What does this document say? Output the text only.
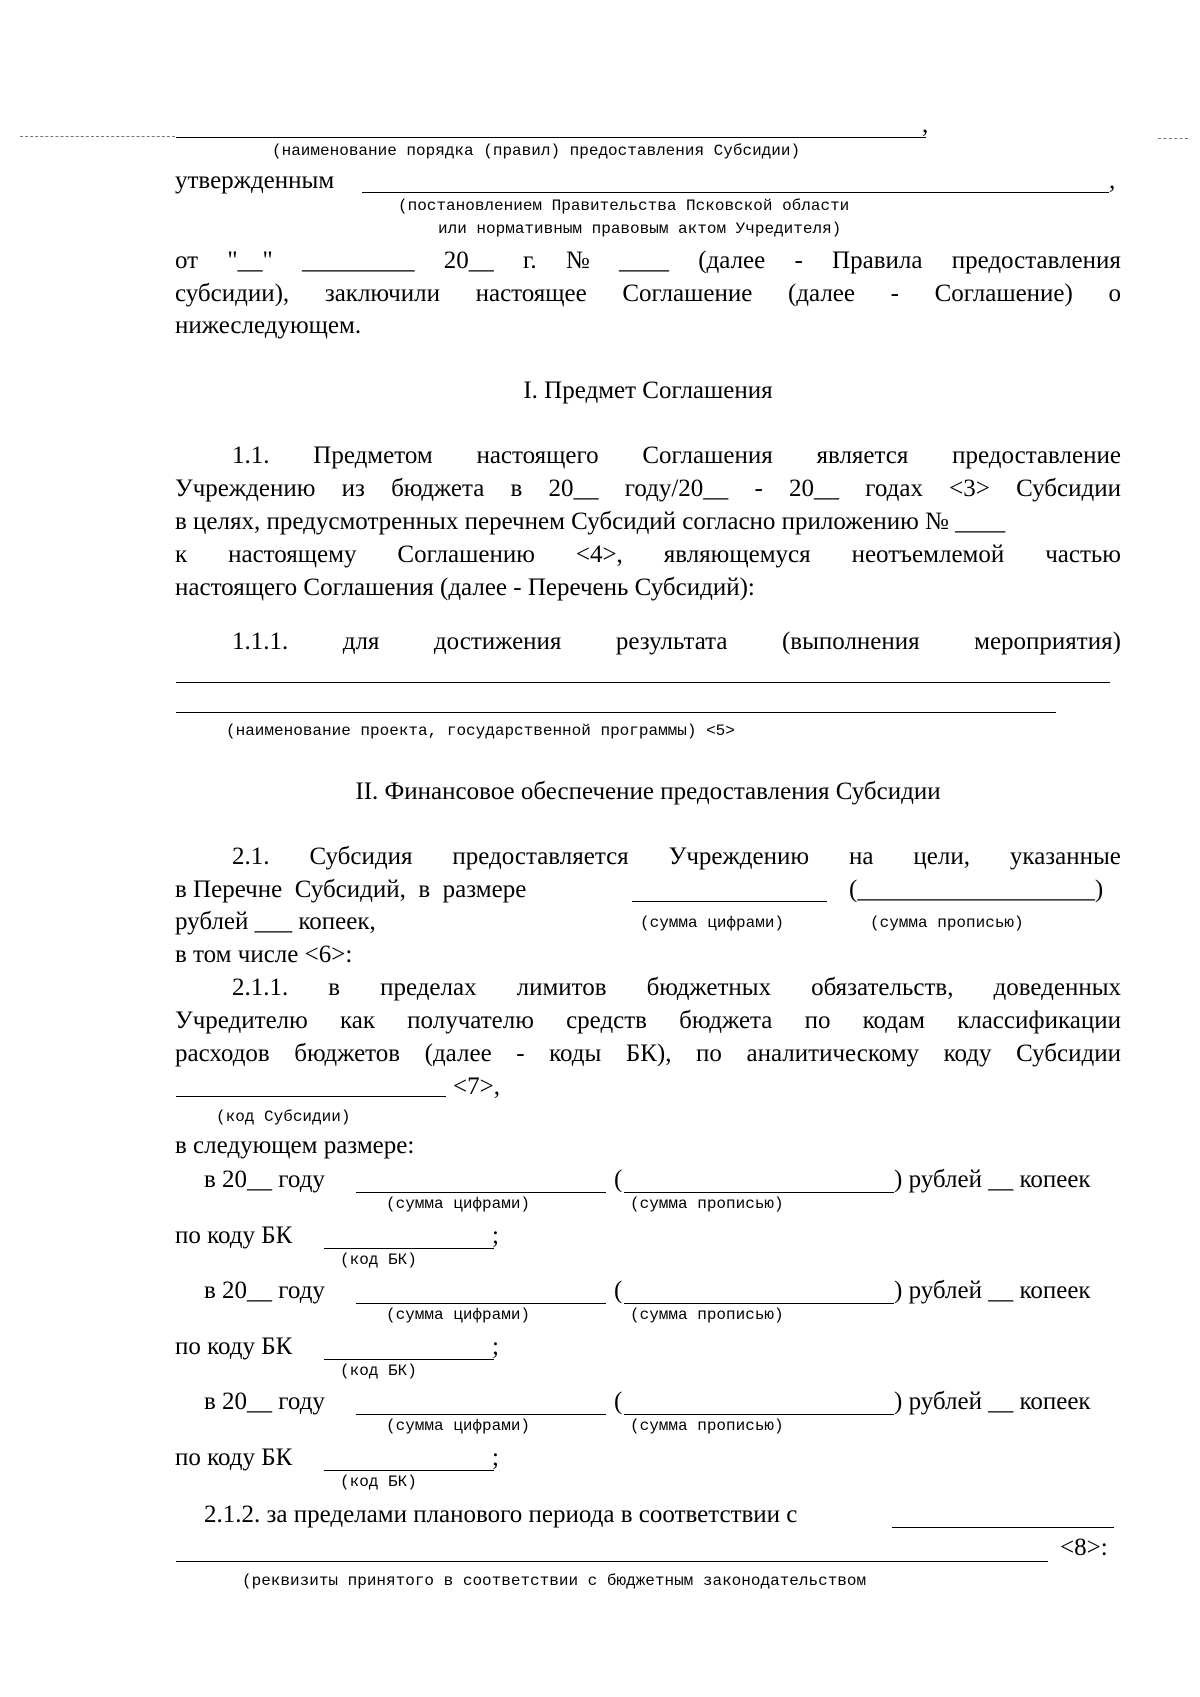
,
(наименование порядка (правил) предоставления Субсидии)
утвержденным	,
(постановлением Правительства Псковской области
или нормативным правовым актом Учредителя)
от "__" _________ 20__ г. № ____ (далее - Правила предоставления
субсидии), заключили настоящее Соглашение (далее - Соглашение) о
нижеследующем.
I. Предмет Соглашения
1.1. Предметом настоящего Соглашения является предоставление
Учреждению из бюджета в 20__ году/20__ - 20__ годах <3> Субсидии
в целях, предусмотренных перечнем Субсидий согласно приложению № ____
к настоящему Соглашению <4>, являющемуся неотъемлемой частью
настоящего Соглашения (далее - Перечень Субсидий):
1.1.1. для достижения результата (выполнения мероприятия)
(наименование проекта, государственной программы) <5>
II. Финансовое обеспечение предоставления Субсидии
2.1. Субсидия предоставляется Учреждению на цели, указанные
в Перечне  Субсидий,  в  размере	(___________________)
рублей ___ копеек,	(сумма цифрами)	(сумма прописью)
в том числе <6>:
2.1.1. в пределах лимитов бюджетных обязательств, доведенных
Учредителю как получателю средств бюджета по кодам классификации
расходов бюджетов (далее - коды БК), по аналитическому коду Субсидии
<7>,
(код Субсидии)
в следующем размере:
в 20__ году	(	) рублей __ копеек
(сумма цифрами)	(сумма прописью)
по коду БК	;
(код БК)
в 20__ году	(	) рублей __ копеек
(сумма цифрами)	(сумма прописью)
по коду БК	;
(код БК)
в 20__ году	(	) рублей __ копеек
(сумма цифрами)	(сумма прописью)
по коду БК	;
(код БК)
2.1.2. за пределами планового периода в соответствии с
<8>:
(реквизиты принятого в соответствии с бюджетным законодательством
